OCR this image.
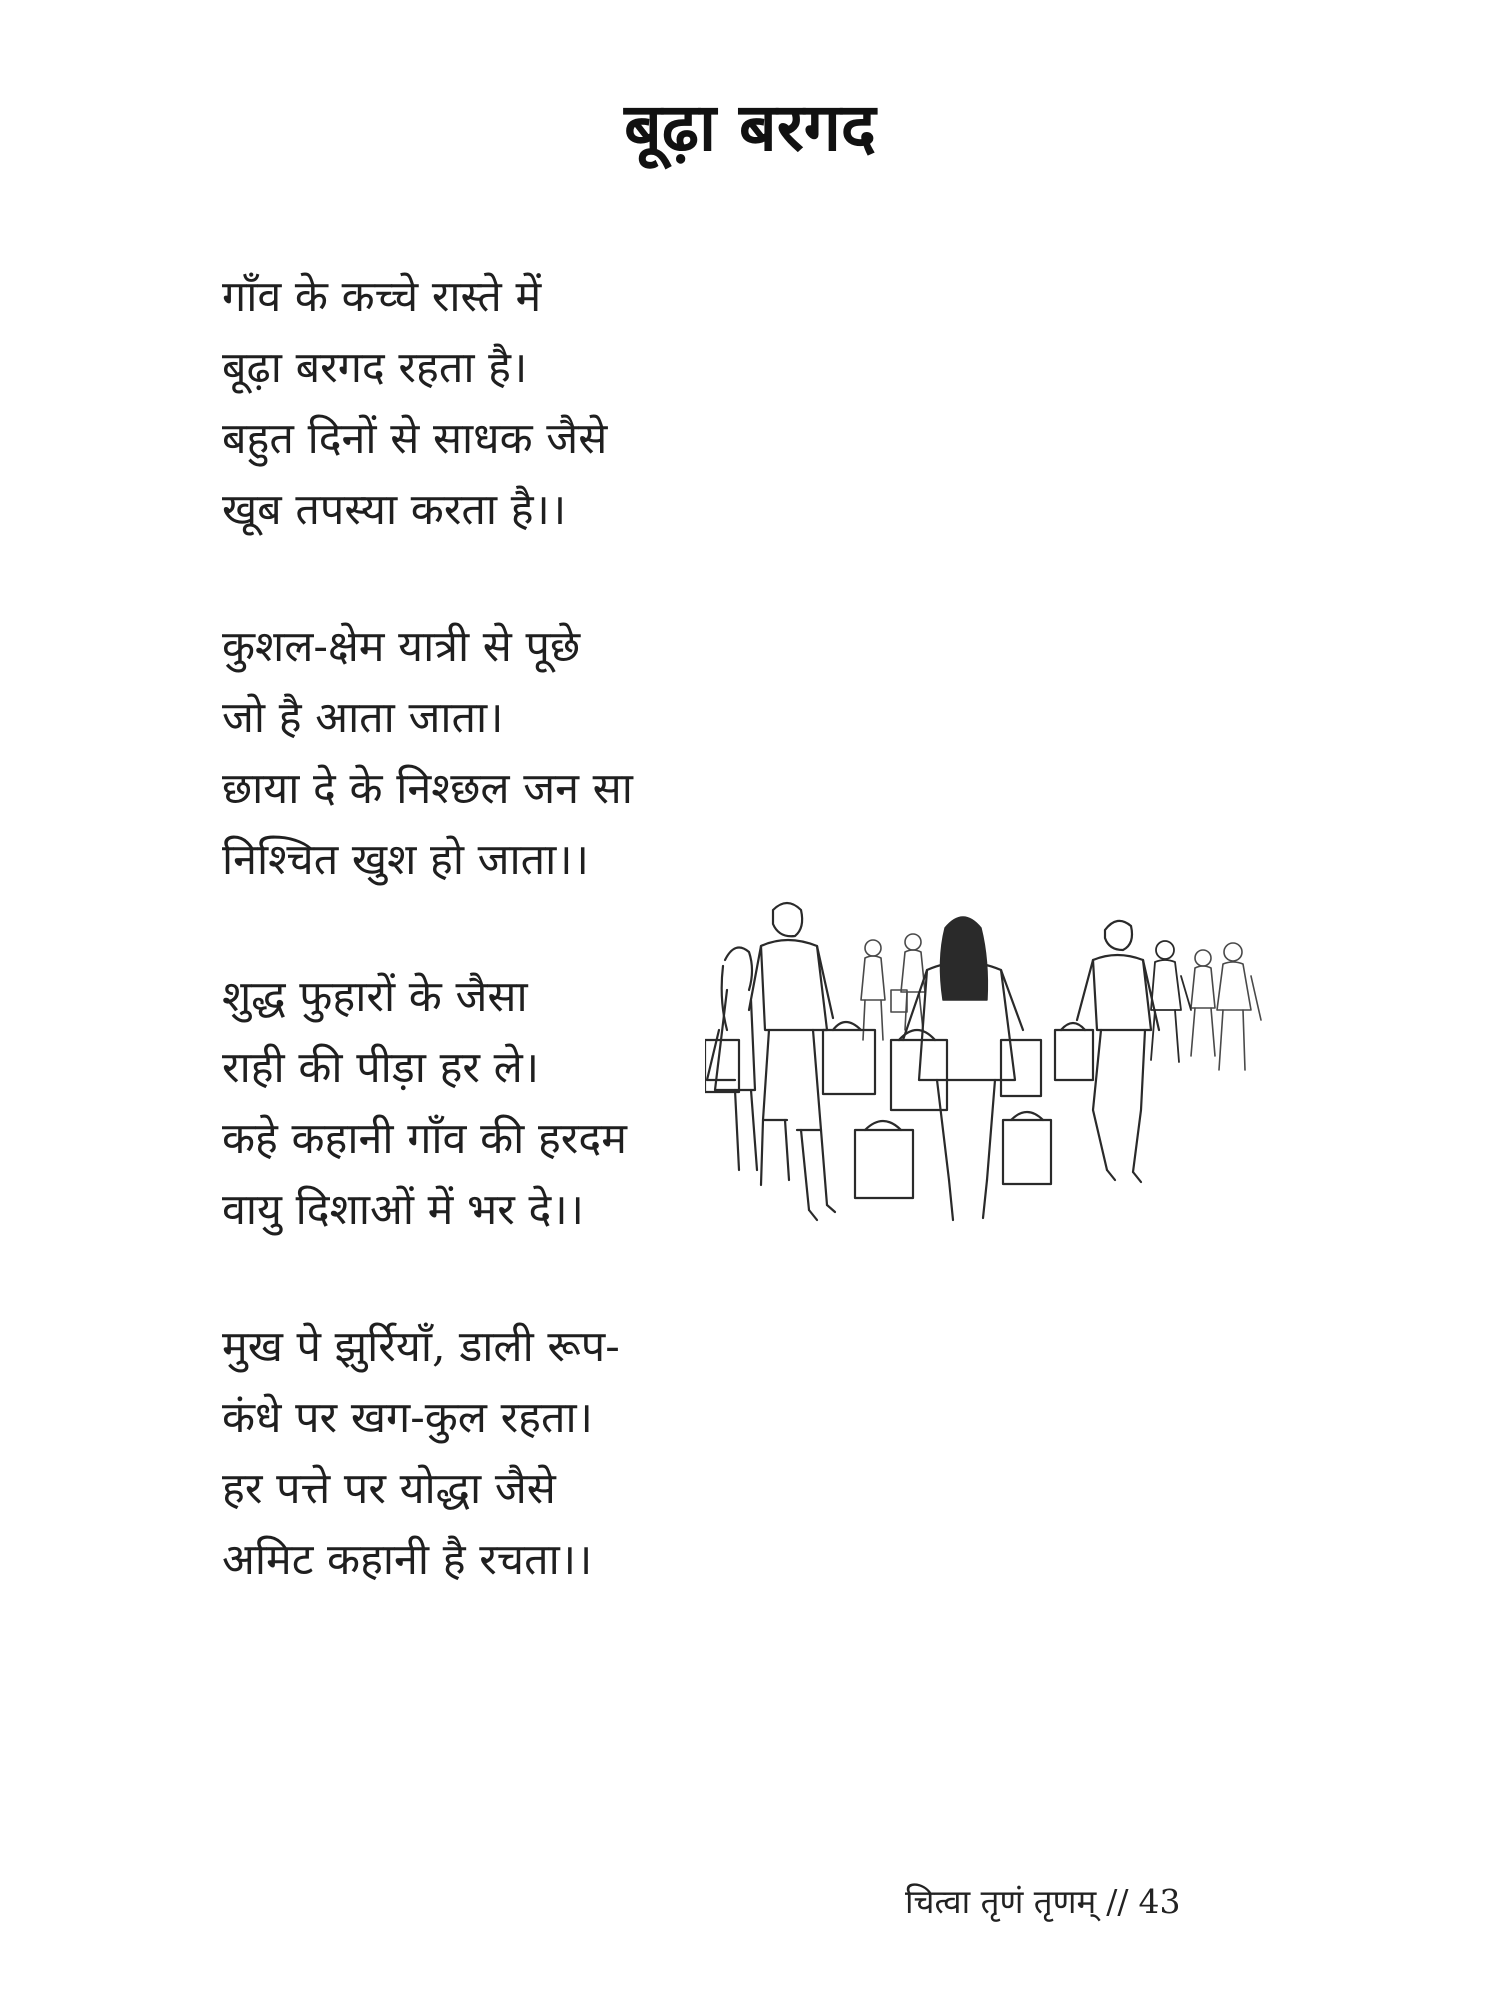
बूढ़ा बरगद
गाँव के कच्चे रास्ते में
बूढ़ा बरगद रहता है।
बहुत दिनों से साधक जैसे
खूब तपस्या करता है।।
कुशल-क्षेम यात्री से पूछे
जो है आता जाता।
छाया दे के निश्छल जन सा
निश्चित खुश हो जाता।।
शुद्ध फुहारों के जैसा
राही की पीड़ा हर ले।
कहे कहानी गाँव की हरदम
वायु दिशाओं में भर दे।।
मुख पे झुर्रियाँ, डाली रूप-
कंधे पर खग-कुल रहता।
हर पत्ते पर योद्धा जैसे
अमिट कहानी है रचता।।
चित्वा तृणं तृणम् // 43
